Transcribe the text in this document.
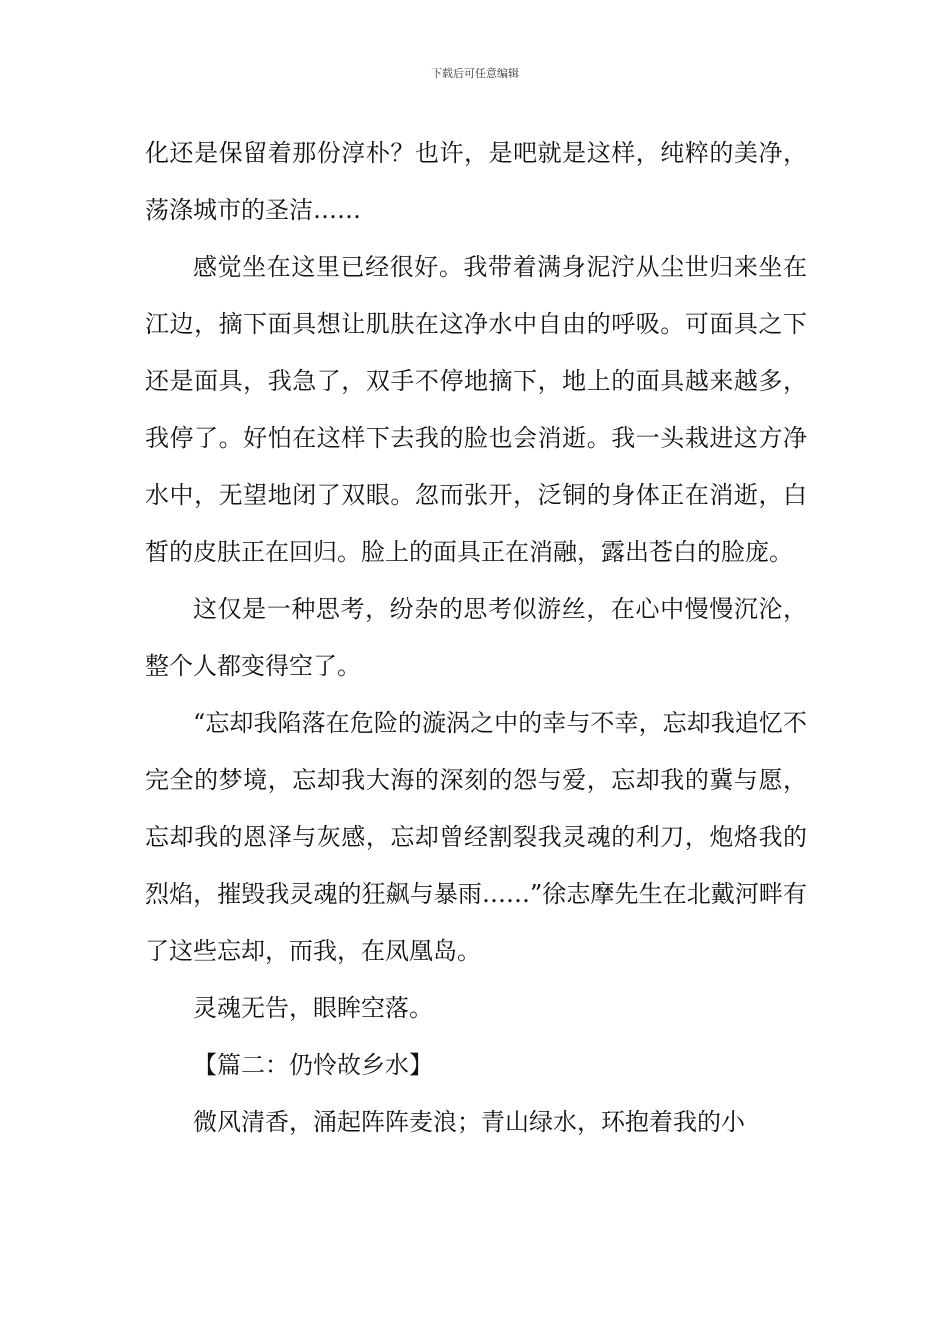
下载后可任意编辑

化还是保留着那份淳朴？也许，是吧就是这样，纯粹的美净，荡涤城市的圣洁……

感觉坐在这里已经很好。我带着满身泥泞从尘世归来坐在江边，摘下面具想让肌肤在这净水中自由的呼吸。可面具之下还是面具，我急了，双手不停地摘下，地上的面具越来越多，我停了。好怕在这样下去我的脸也会消逝。我一头栽进这方净水中，无望地闭了双眼。忽而张开，泛铜的身体正在消逝，白皙的皮肤正在回归。脸上的面具正在消融，露出苍白的脸庞。

这仅是一种思考，纷杂的思考似游丝，在心中慢慢沉沦，整个人都变得空了。

“忘却我陷落在危险的漩涡之中的幸与不幸，忘却我追忆不完全的梦境，忘却我大海的深刻的怨与爱，忘却我的冀与愿，忘却我的恩泽与灰感，忘却曾经割裂我灵魂的利刀，炮烙我的烈焰，摧毁我灵魂的狂飙与暴雨……”徐志摩先生在北戴河畔有了这些忘却，而我，在凤凰岛。

灵魂无告，眼眸空落。

【篇二：仍怜故乡水】

微风清香，涌起阵阵麦浪；青山绿水，环抱着我的小
